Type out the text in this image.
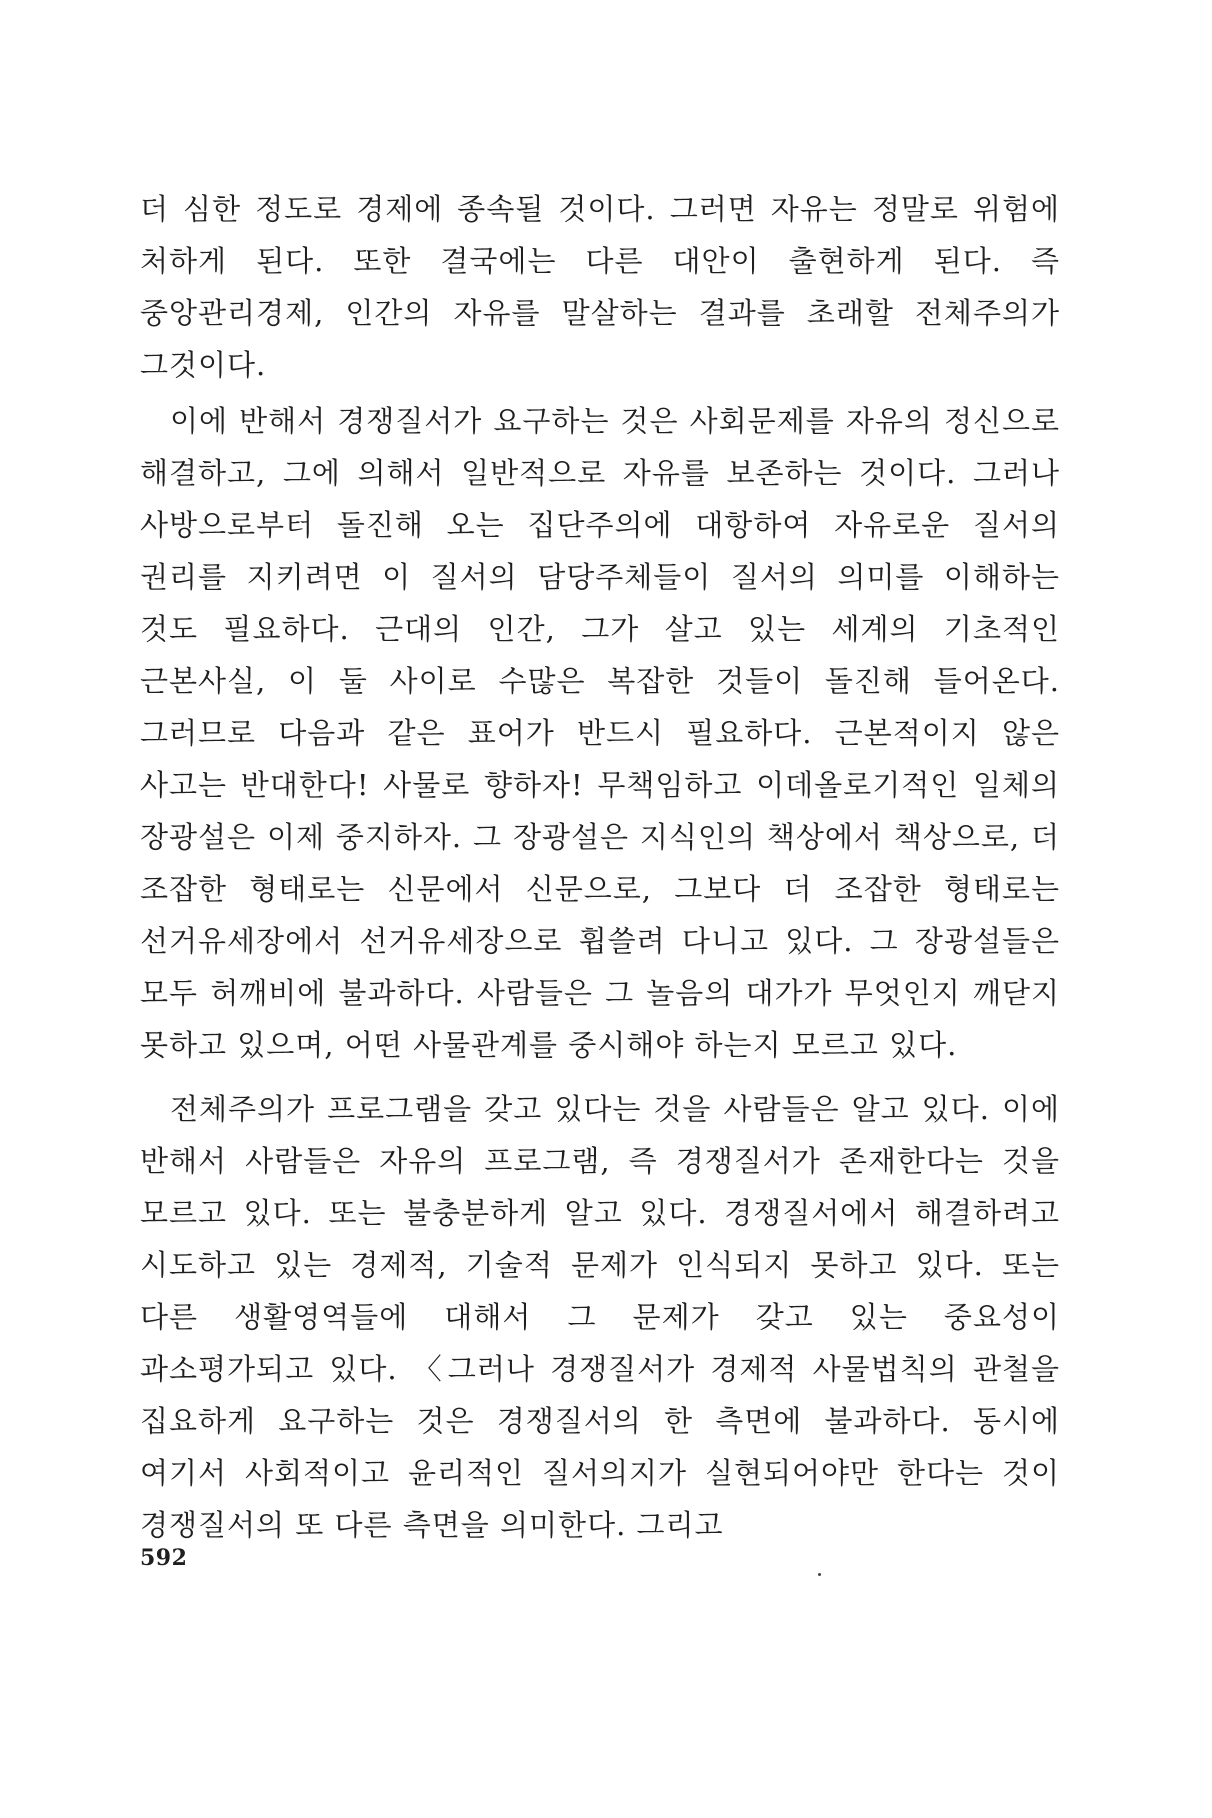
더 심한 정도로 경제에 종속될 것이다. 그러면 자유는 정말로 위험에 처하게 된다. 또한 결국에는 다른 대안이 출현하게 된다. 즉 중앙관리경제, 인간의 자유를 말살하는 결과를 초래할 전체주의가 그것이다.

이에 반해서 경쟁질서가 요구하는 것은 사회문제를 자유의 정신으로 해결하고, 그에 의해서 일반적으로 자유를 보존하는 것이다. 그러나 사방으로부터 돌진해 오는 집단주의에 대항하여 자유로운 질서의 권리를 지키려면 이 질서의 담당주체들이 질서의 의미를 이해하는 것도 필요하다. 근대의 인간, 그가 살고 있는 세계의 기초적인 근본사실, 이 둘 사이로 수많은 복잡한 것들이 돌진해 들어온다. 그러므로 다음과 같은 표어가 반드시 필요하다. 근본적이지 않은 사고는 반대한다! 사물로 향하자! 무책임하고 이데올로기적인 일체의 장광설은 이제 중지하자. 그 장광설은 지식인의 책상에서 책상으로, 더 조잡한 형태로는 신문에서 신문으로, 그보다 더 조잡한 형태로는 선거유세장에서 선거유세장으로 휩쓸려 다니고 있다. 그 장광설들은 모두 허깨비에 불과하다. 사람들은 그 놀음의 대가가 무엇인지 깨닫지 못하고 있으며, 어떤 사물관계를 중시해야 하는지 모르고 있다.

전체주의가 프로그램을 갖고 있다는 것을 사람들은 알고 있다. 이에 반해서 사람들은 자유의 프로그램, 즉 경쟁질서가 존재한다는 것을 모르고 있다. 또는 불충분하게 알고 있다. 경쟁질서에서 해결하려고 시도하고 있는 경제적, 기술적 문제가 인식되지 못하고 있다. 또는 다른 생활영역들에 대해서 그 문제가 갖고 있는 중요성이 과소평가되고 있다. 〈그러나 경쟁질서가 경제적 사물법칙의 관철을 집요하게 요구하는 것은 경쟁질서의 한 측면에 불과하다. 동시에 여기서 사회적이고 윤리적인 질서의지가 실현되어야만 한다는 것이 경쟁질서의 또 다른 측면을 의미한다. 그리고

592
